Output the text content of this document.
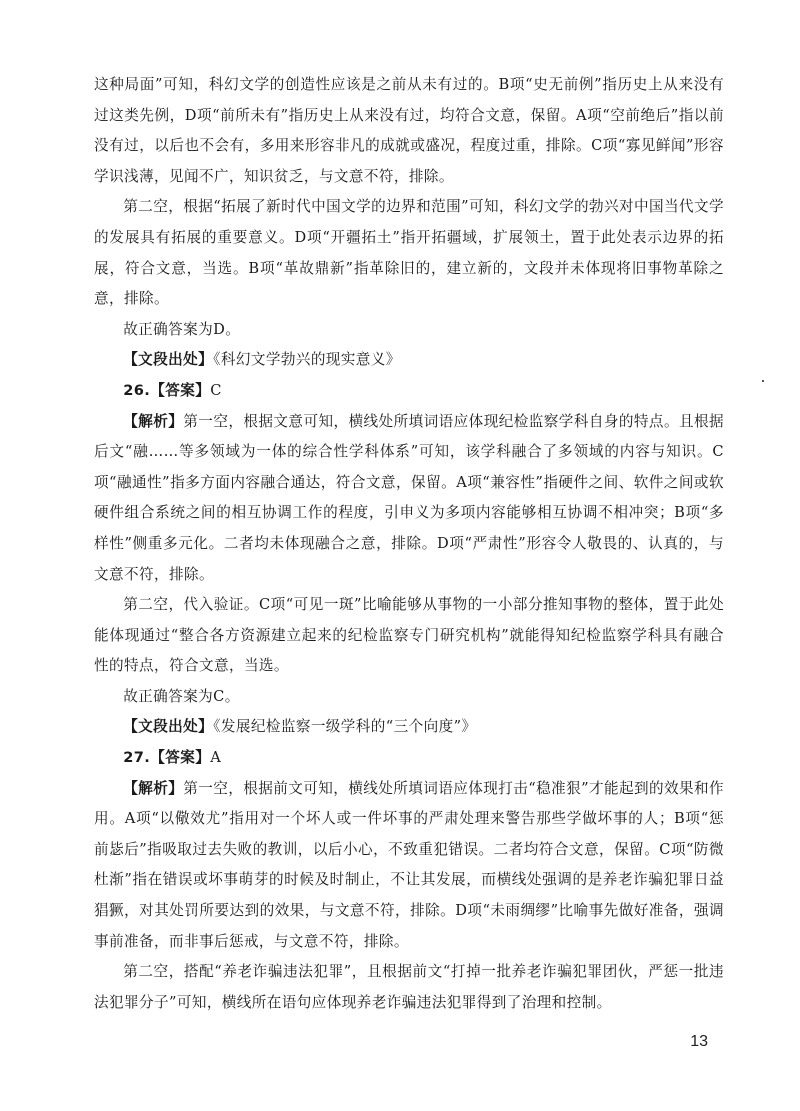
这种局面”可知，科幻文学的创造性应该是之前从未有过的。B项“史无前例”指历史上从来没有过这类先例，D项“前所未有”指历史上从来没有过，均符合文意，保留。A项“空前绝后”指以前没有过，以后也不会有，多用来形容非凡的成就或盛况，程度过重，排除。C项“寡见鲜闻”形容学识浅薄，见闻不广，知识贫乏，与文意不符，排除。

第二空，根据“拓展了新时代中国文学的边界和范围”可知，科幻文学的勃兴对中国当代文学的发展具有拓展的重要意义。D项“开疆拓土”指开拓疆域，扩展领土，置于此处表示边界的拓展，符合文意，当选。B项“革故鼎新”指革除旧的，建立新的，文段并未体现将旧事物革除之意，排除。

故正确答案为D。

【文段出处】《科幻文学勃兴的现实意义》

26.【答案】C

【解析】第一空，根据文意可知，横线处所填词语应体现纪检监察学科自身的特点。且根据后文“融……等多领域为一体的综合性学科体系”可知，该学科融合了多领域的内容与知识。C项“融通性”指多方面内容融合通达，符合文意，保留。A项“兼容性”指硬件之间、软件之间或软硬件组合系统之间的相互协调工作的程度，引申义为多项内容能够相互协调不相冲突；B项“多样性”侧重多元化。二者均未体现融合之意，排除。D项“严肃性”形容令人敬畏的、认真的，与文意不符，排除。

第二空，代入验证。C项“可见一斑”比喻能够从事物的一小部分推知事物的整体，置于此处能体现通过“整合各方资源建立起来的纪检监察专门研究机构”就能得知纪检监察学科具有融合性的特点，符合文意，当选。

故正确答案为C。

【文段出处】《发展纪检监察一级学科的“三个向度”》

27.【答案】A

【解析】第一空，根据前文可知，横线处所填词语应体现打击“稳准狠”才能起到的效果和作用。A项“以儆效尤”指用对一个坏人或一件坏事的严肃处理来警告那些学做坏事的人；B项“惩前毖后”指吸取过去失败的教训，以后小心，不致重犯错误。二者均符合文意，保留。C项“防微杜渐”指在错误或坏事萌芽的时候及时制止，不让其发展，而横线处强调的是养老诈骗犯罪日益猖獗，对其处罚所要达到的效果，与文意不符，排除。D项“未雨绸缪”比喻事先做好准备，强调事前准备，而非事后惩戒，与文意不符，排除。

第二空，搭配“养老诈骗违法犯罪”，且根据前文“打掉一批养老诈骗犯罪团伙，严惩一批违法犯罪分子”可知，横线所在语句应体现养老诈骗违法犯罪得到了治理和控制。

13
